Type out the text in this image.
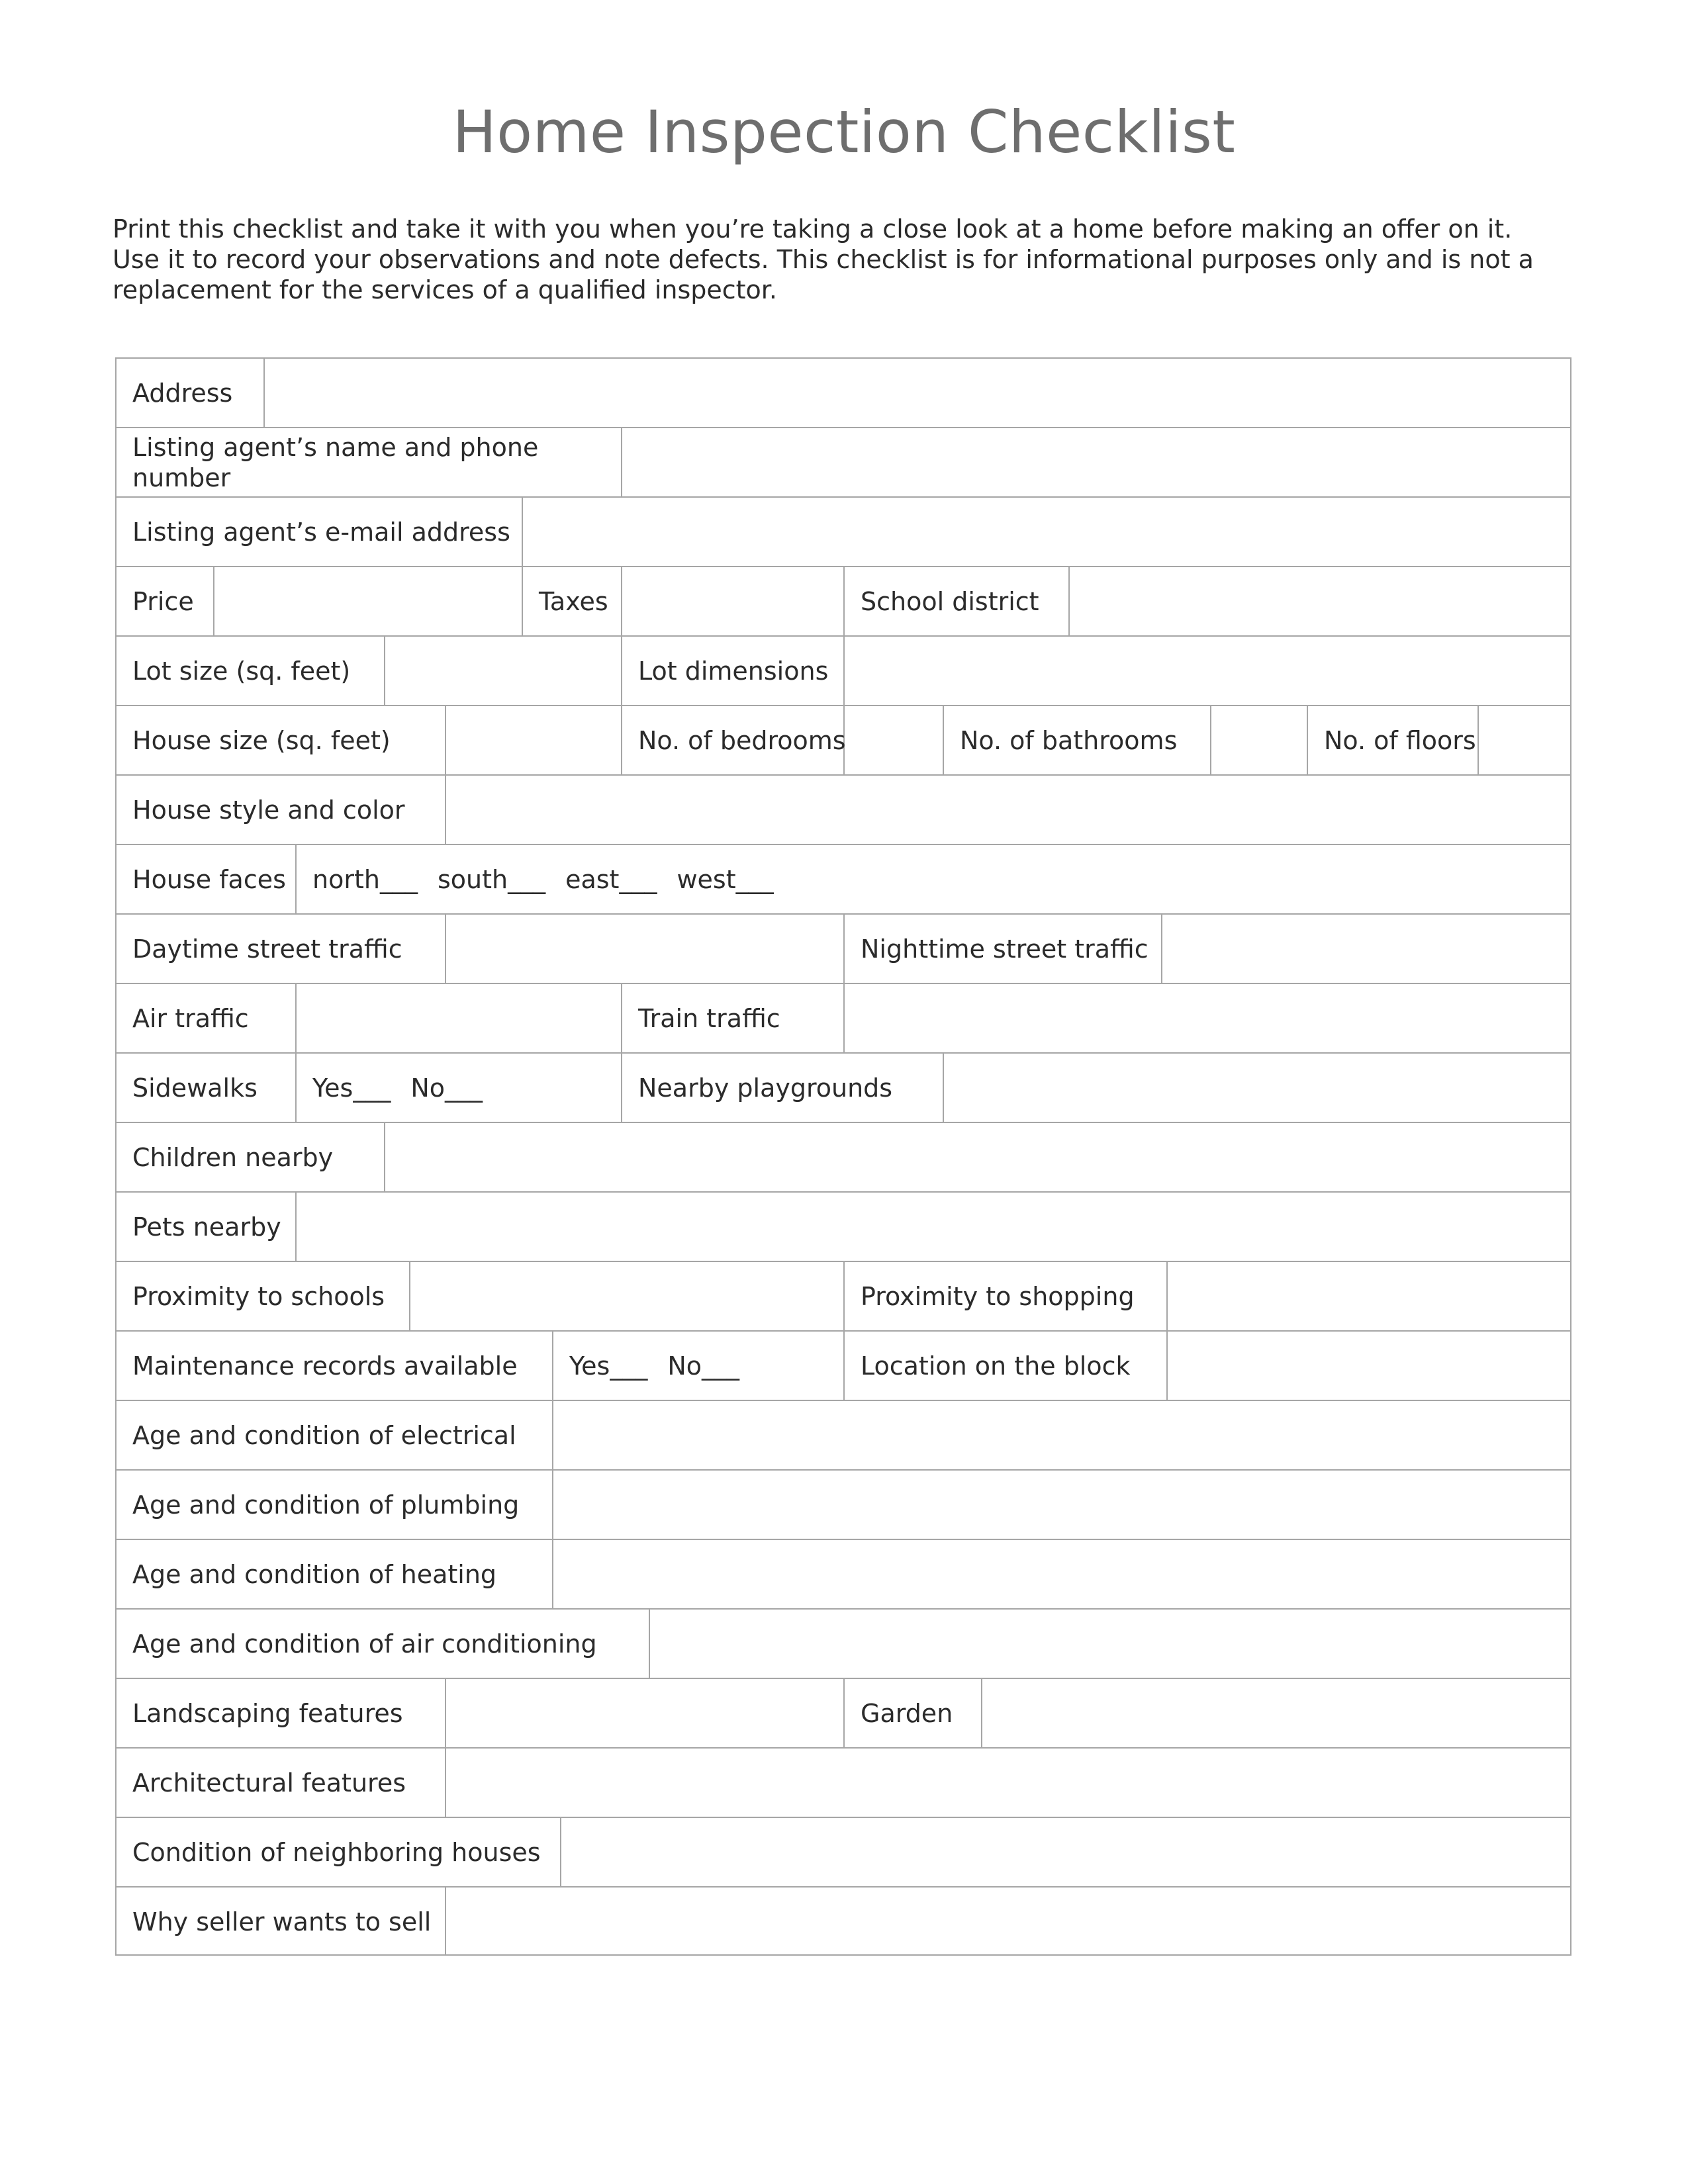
Home Inspection Checklist

Print this checklist and take it with you when you’re taking a close look at a home before making an offer on it. Use it to record your observations and note defects. This checklist is for informational purposes only and is not a replacement for the services of a qualified inspector.

Address
Listing agent’s name and phone number
Listing agent’s e-mail address
Price	Taxes	School district
Lot size (sq. feet)	Lot dimensions
House size (sq. feet)	No. of bedrooms	No. of bathrooms	No. of floors
House style and color
House faces north___ south___ east___ west___
Daytime street traffic	Nighttime street traffic
Air traffic	Train traffic
Sidewalks	Yes___ No___	Nearby playgrounds
Children nearby
Pets nearby
Proximity to schools	Proximity to shopping
Maintenance records available	Yes___ No___	Location on the block
Age and condition of electrical
Age and condition of plumbing
Age and condition of heating
Age and condition of air conditioning
Landscaping features	Garden
Architectural features
Condition of neighboring houses
Why seller wants to sell
